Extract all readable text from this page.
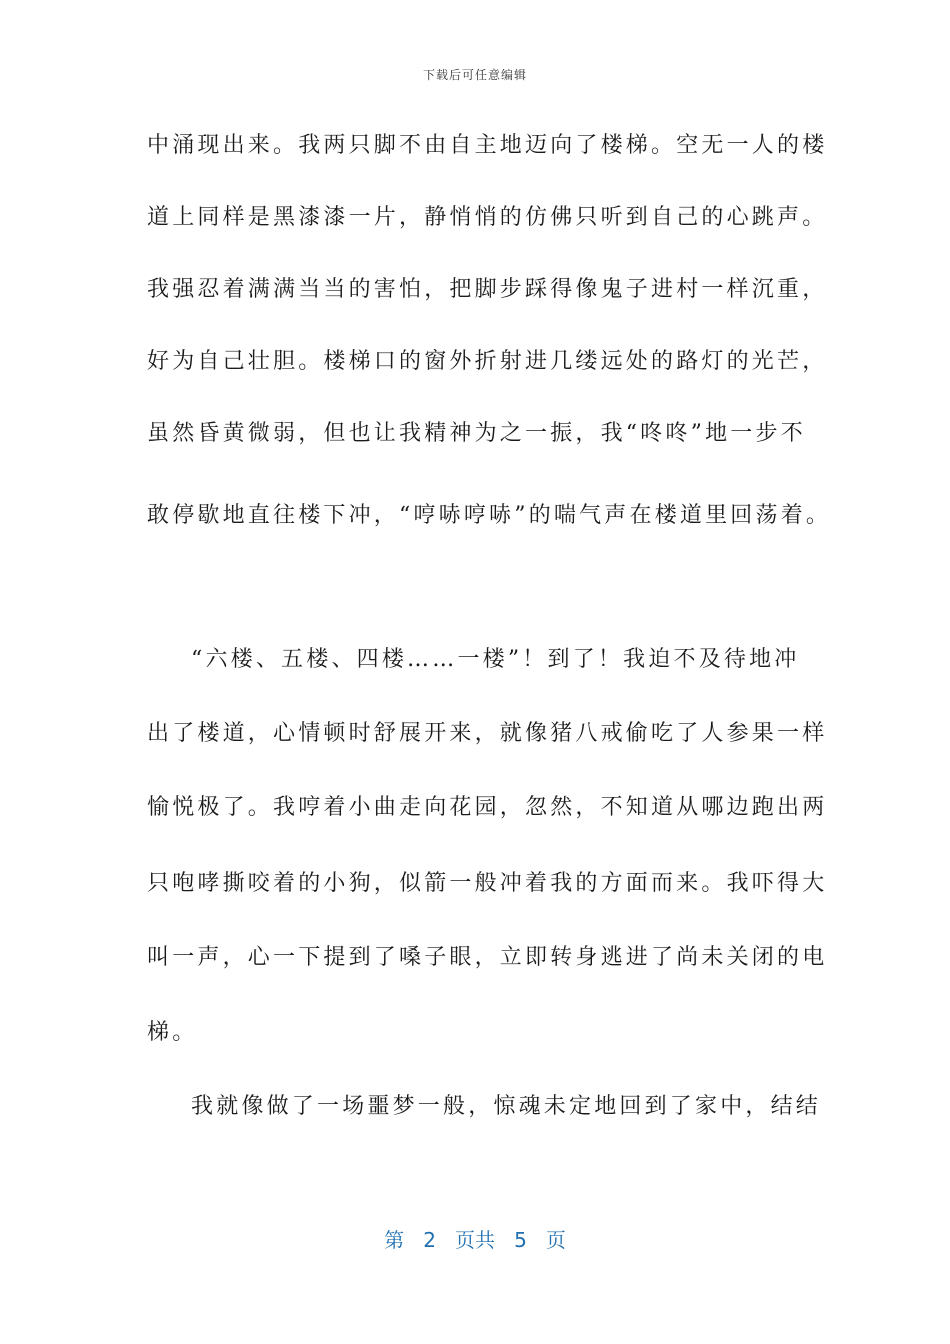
下载后可任意编辑
中涌现出来。我两只脚不由自主地迈向了楼梯。空无一人的楼
道上同样是黑漆漆一片，静悄悄的仿佛只听到自己的心跳声。
我强忍着满满当当的害怕，把脚步踩得像鬼子进村一样沉重，
好为自己壮胆。楼梯口的窗外折射进几缕远处的路灯的光芒，
虽然昏黄微弱，但也让我精神为之一振，我“咚咚”地一步不
敢停歇地直往楼下冲，“哼哧哼哧”的喘气声在楼道里回荡着。
“六楼、五楼、四楼……一楼”！到了！我迫不及待地冲
出了楼道，心情顿时舒展开来，就像猪八戒偷吃了人参果一样
愉悦极了。我哼着小曲走向花园，忽然，不知道从哪边跑出两
只咆哮撕咬着的小狗，似箭一般冲着我的方面而来。我吓得大
叫一声，心一下提到了嗓子眼，立即转身逃进了尚未关闭的电
梯。
我就像做了一场噩梦一般，惊魂未定地回到了家中，结结
第 2 页共 5 页
